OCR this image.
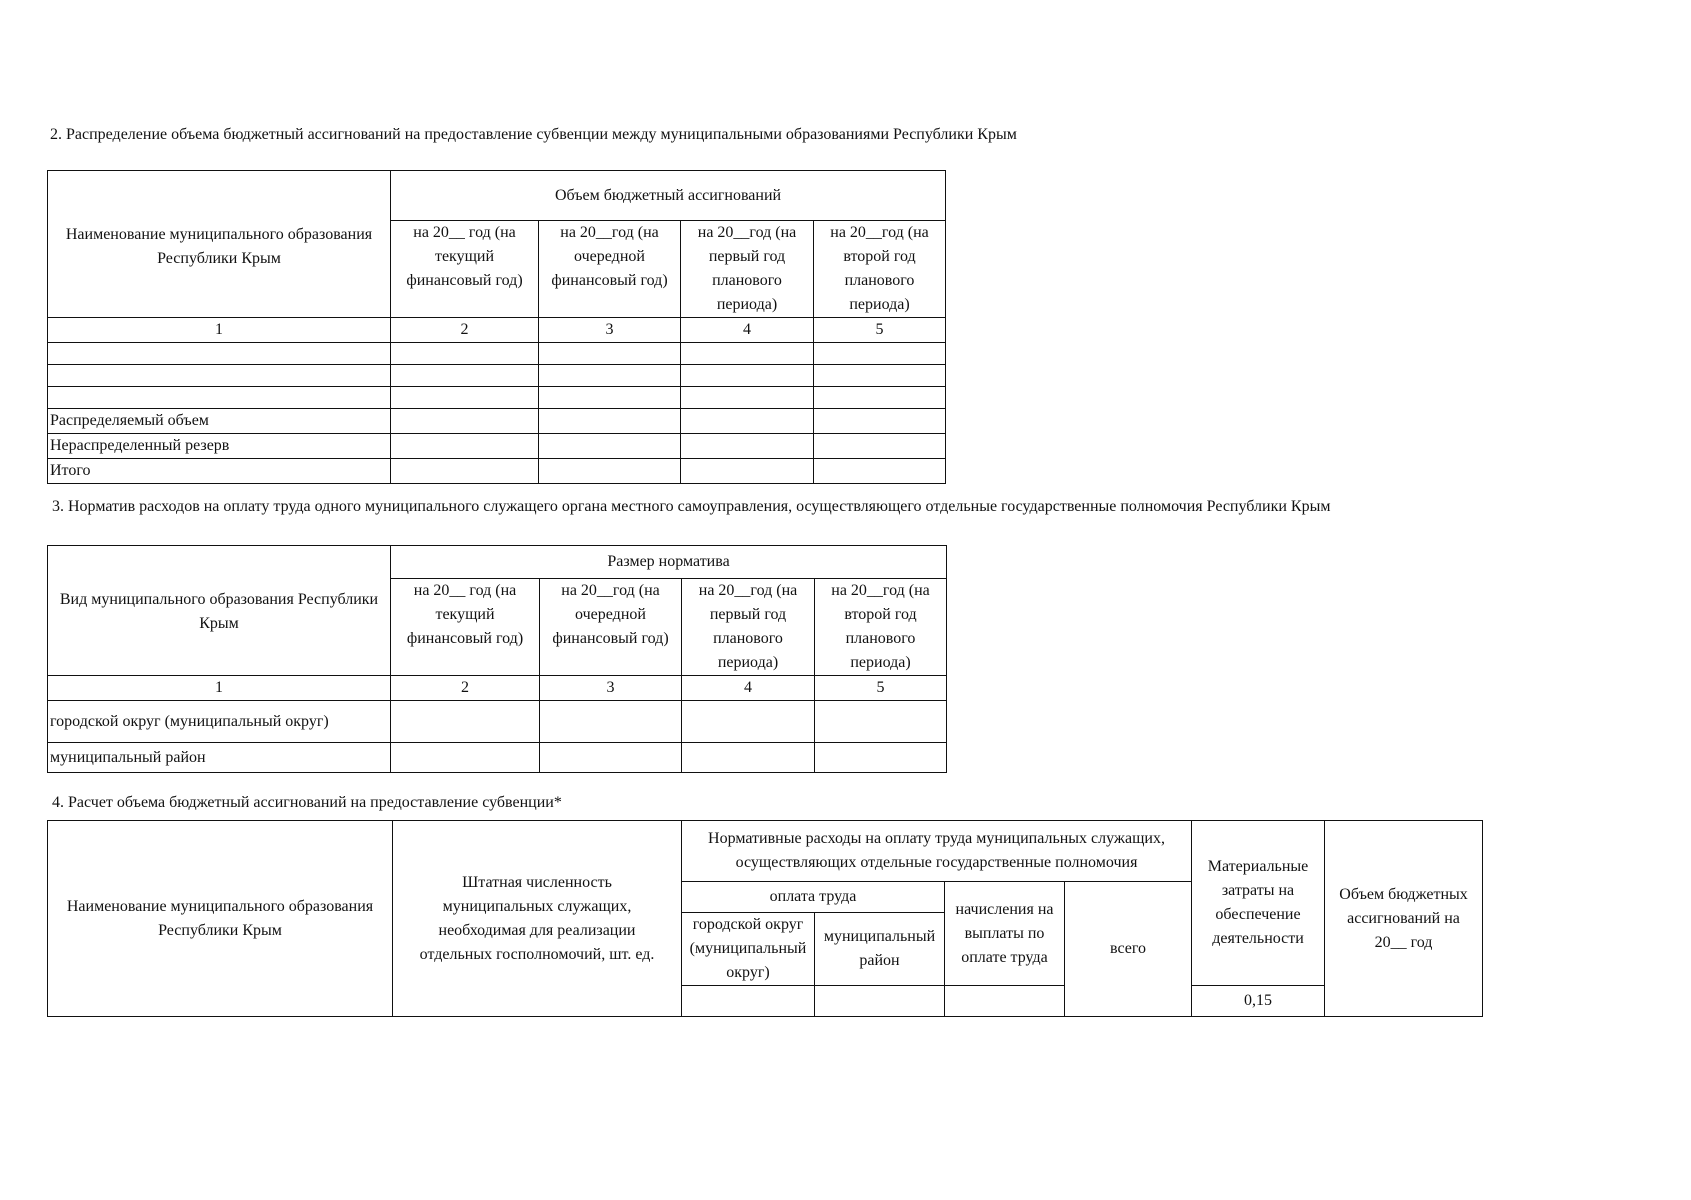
2. Распределение объема бюджетный ассигнований на предоставление субвенции между муниципальными образованиями Республики Крым
Наименование муниципального образования Республики Крым	Объем бюджетный ассигнований			
	на 20__ год (на текущий финансовый год)	на 20__год (на очередной финансовый год)	на 20__год (на первый год планового периода)	на 20__год (на второй год планового периода)
1	2	3	4	5

Распределяемый объем				
Нераспределенный резерв				
Итого				
3. Норматив расходов на оплату труда одного муниципального служащего органа местного самоуправления, осуществляющего отдельные государственные полномочия Республики Крым
Вид муниципального образования Республики Крым	Размер норматива			
	на 20__ год (на текущий финансовый год)	на 20__год (на очередной финансовый год)	на 20__год (на первый год планового периода)	на 20__год (на второй год планового периода)
1	2	3	4	5
городской округ (муниципальный округ)				
муниципальный район				
4. Расчет объема бюджетный ассигнований на предоставление субвенции*
Наименование муниципального образования Республики Крым	Штатная численность муниципальных служащих, необходимая для реализации отдельных госполномочий, шт. ед.	Нормативные расходы на оплату труда муниципальных служащих, осуществляющих отдельные государственные полномочия				Материальные затраты на обеспечение деятельности	Объем бюджетных ассигнований на 20__ год
		оплата труда		начисления на выплаты по оплате труда	всего		
		городской округ (муниципальный округ)	муниципальный район				
						0,15	
